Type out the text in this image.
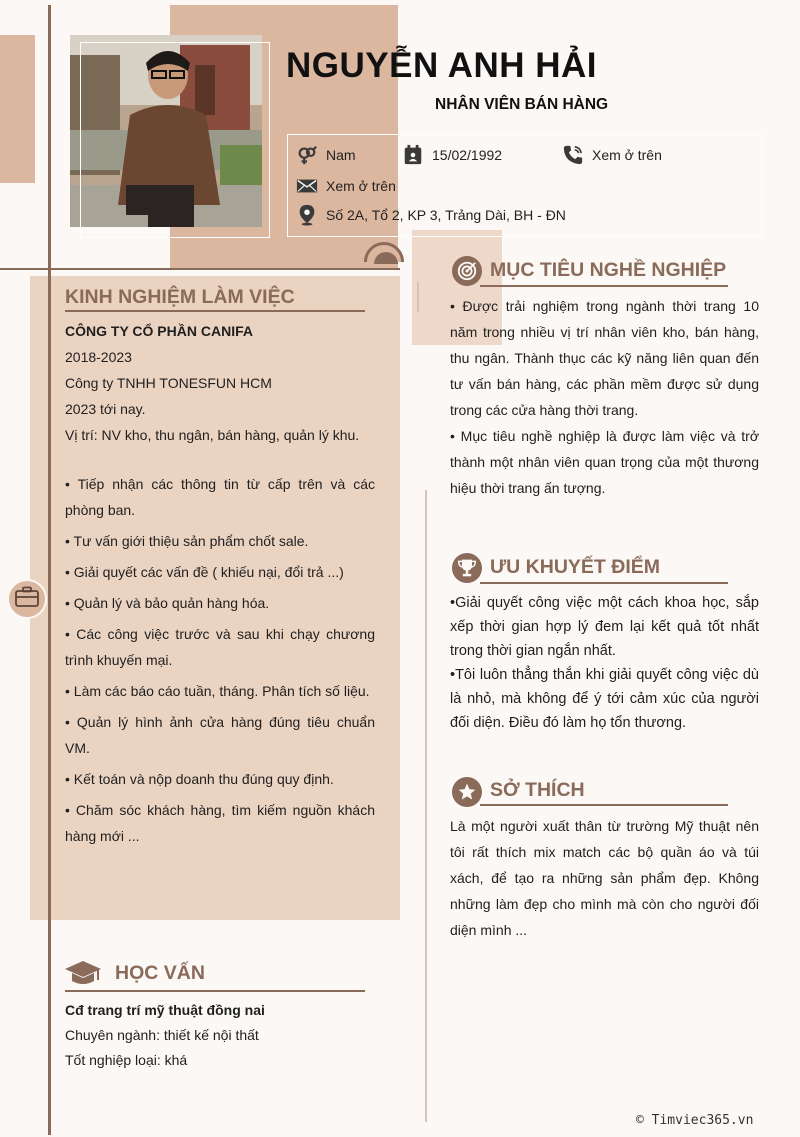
NGUYỄN ANH HẢI
NHÂN VIÊN BÁN HÀNG
Nam	15/02/1992	Xem ở trên
Xem ở trên
Số 2A, Tổ 2, KP 3, Trảng Dài, BH - ĐN
KINH NGHIỆM LÀM VIỆC

CÔNG TY CỔ PHẦN CANIFA

2018-2023

Công ty TNHH TONESFUN HCM

2023 tới nay.

Vị trí: NV kho, thu ngân, bán hàng, quản lý khu.

• Tiếp nhận các thông tin từ cấp trên và các phòng ban.

• Tư vấn giới thiệu sản phẩm chốt sale.

• Giải quyết các vấn đề ( khiếu nại, đổi trả ...)

• Quản lý và bảo quản hàng hóa.

• Các công việc trước và sau khi chạy chương trình khuyến mại.

• Làm các báo cáo tuần, tháng. Phân tích số liệu.

• Quản lý hình ảnh cửa hàng đúng tiêu chuẩn VM.

• Kết toán và nộp doanh thu đúng quy định.

• Chăm sóc khách hàng, tìm kiếm nguồn khách hàng mới ...

MỤC TIÊU NGHỀ NGHIỆP

• Được trải nghiệm trong ngành thời trang 10 năm trong nhiều vị trí nhân viên kho, bán hàng, thu ngân. Thành thục các kỹ năng liên quan đến tư vấn bán hàng, các phần mềm được sử dụng trong các cửa hàng thời trang.

• Mục tiêu nghề nghiệp là được làm việc và trở thành một nhân viên quan trọng của một thương hiệu thời trang ấn tượng.

ƯU KHUYẾT ĐIỂM

•Giải quyết công việc một cách khoa học, sắp xếp thời gian hợp lý đem lại kết quả tốt nhất trong thời gian ngắn nhất.

•Tôi luôn thẳng thắn khi giải quyết công việc dù là nhỏ, mà không để ý tới cảm xúc của người đối diện. Điều đó làm họ tổn thương.

SỞ THÍCH
Là một người xuất thân từ trường Mỹ thuật nên tôi rất thích mix match các bộ quần áo và túi xách, để tạo ra những sản phẩm đẹp. Không những làm đẹp cho mình mà còn cho người đối diện mình ...
HỌC VẤN

Cđ trang trí mỹ thuật đồng nai

Chuyên ngành: thiết kế nội thất

Tốt nghiệp loại: khá

© Timviec365.vn
